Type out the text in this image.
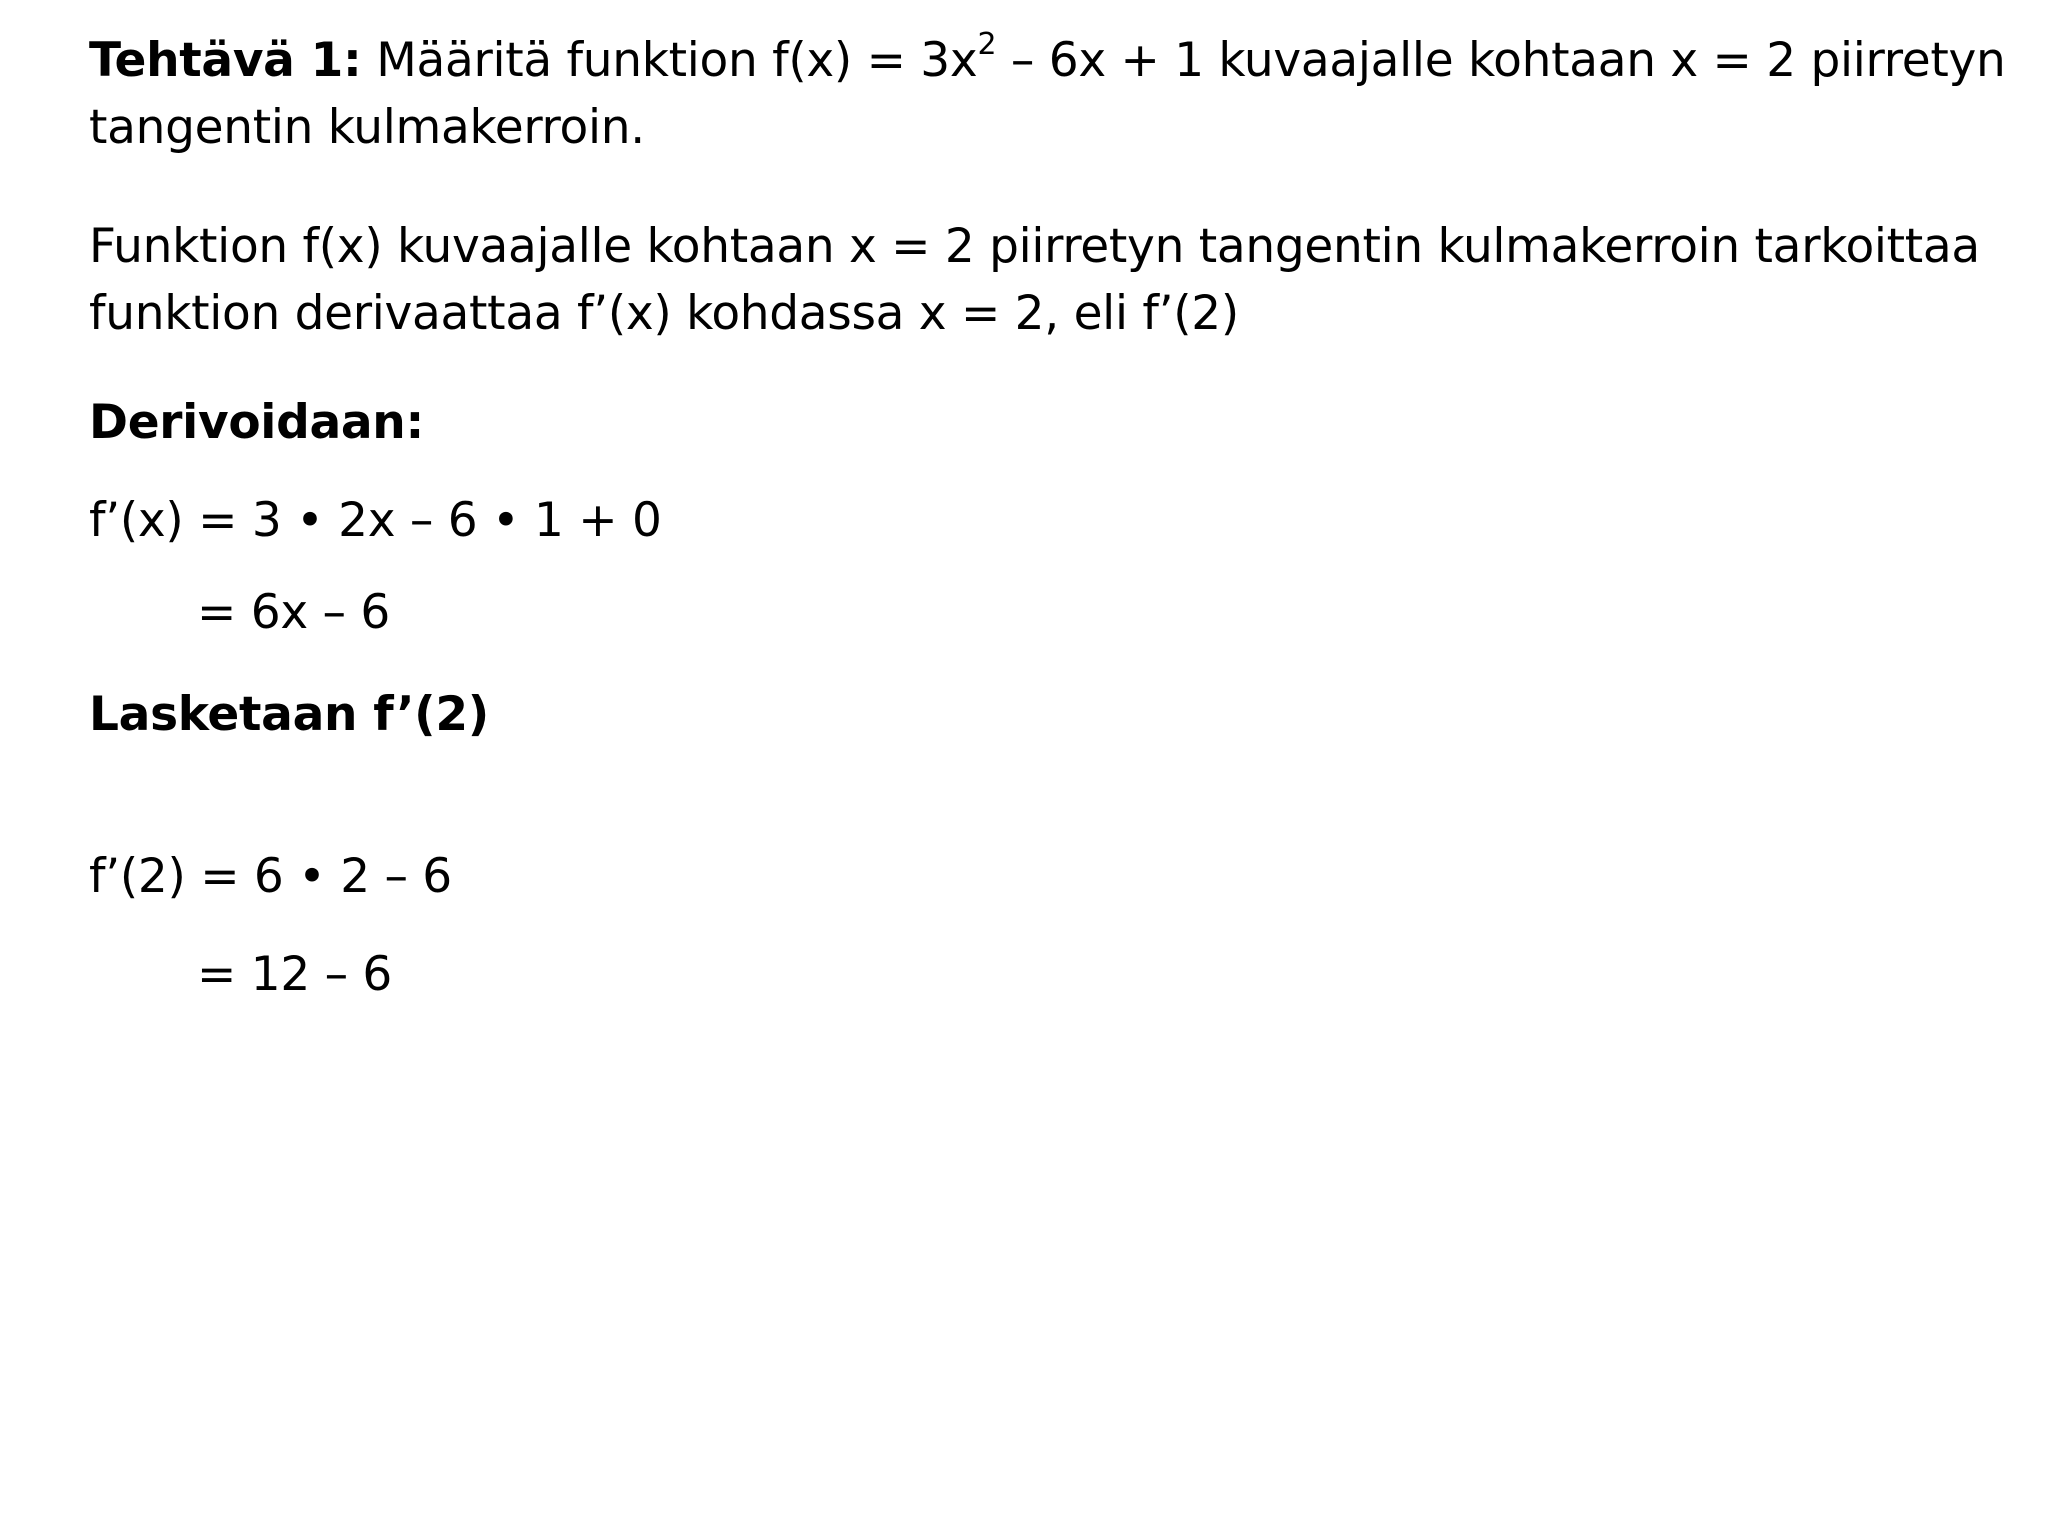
Tehtävä 1: Määritä funktion $f(x) = 3x^2 - 6x + 1$ kuvaajalle kohtaan x = 2 piirretyn
tangentin kulmakerroin.
Funktion f(x) kuvaajalle kohtaan x = 2 piirretyn tangentin kulmakerroin tarkoittaa
funktion derivaattaa f’(x) kohdassa x = 2, eli f’(2)
Derivoidaan:
f’(x) = 3 • 2x – 6 • 1 + 0
= 6x – 6
Lasketaan f’(2)
f’(2) = 6 • 2 – 6
= 12 – 6
